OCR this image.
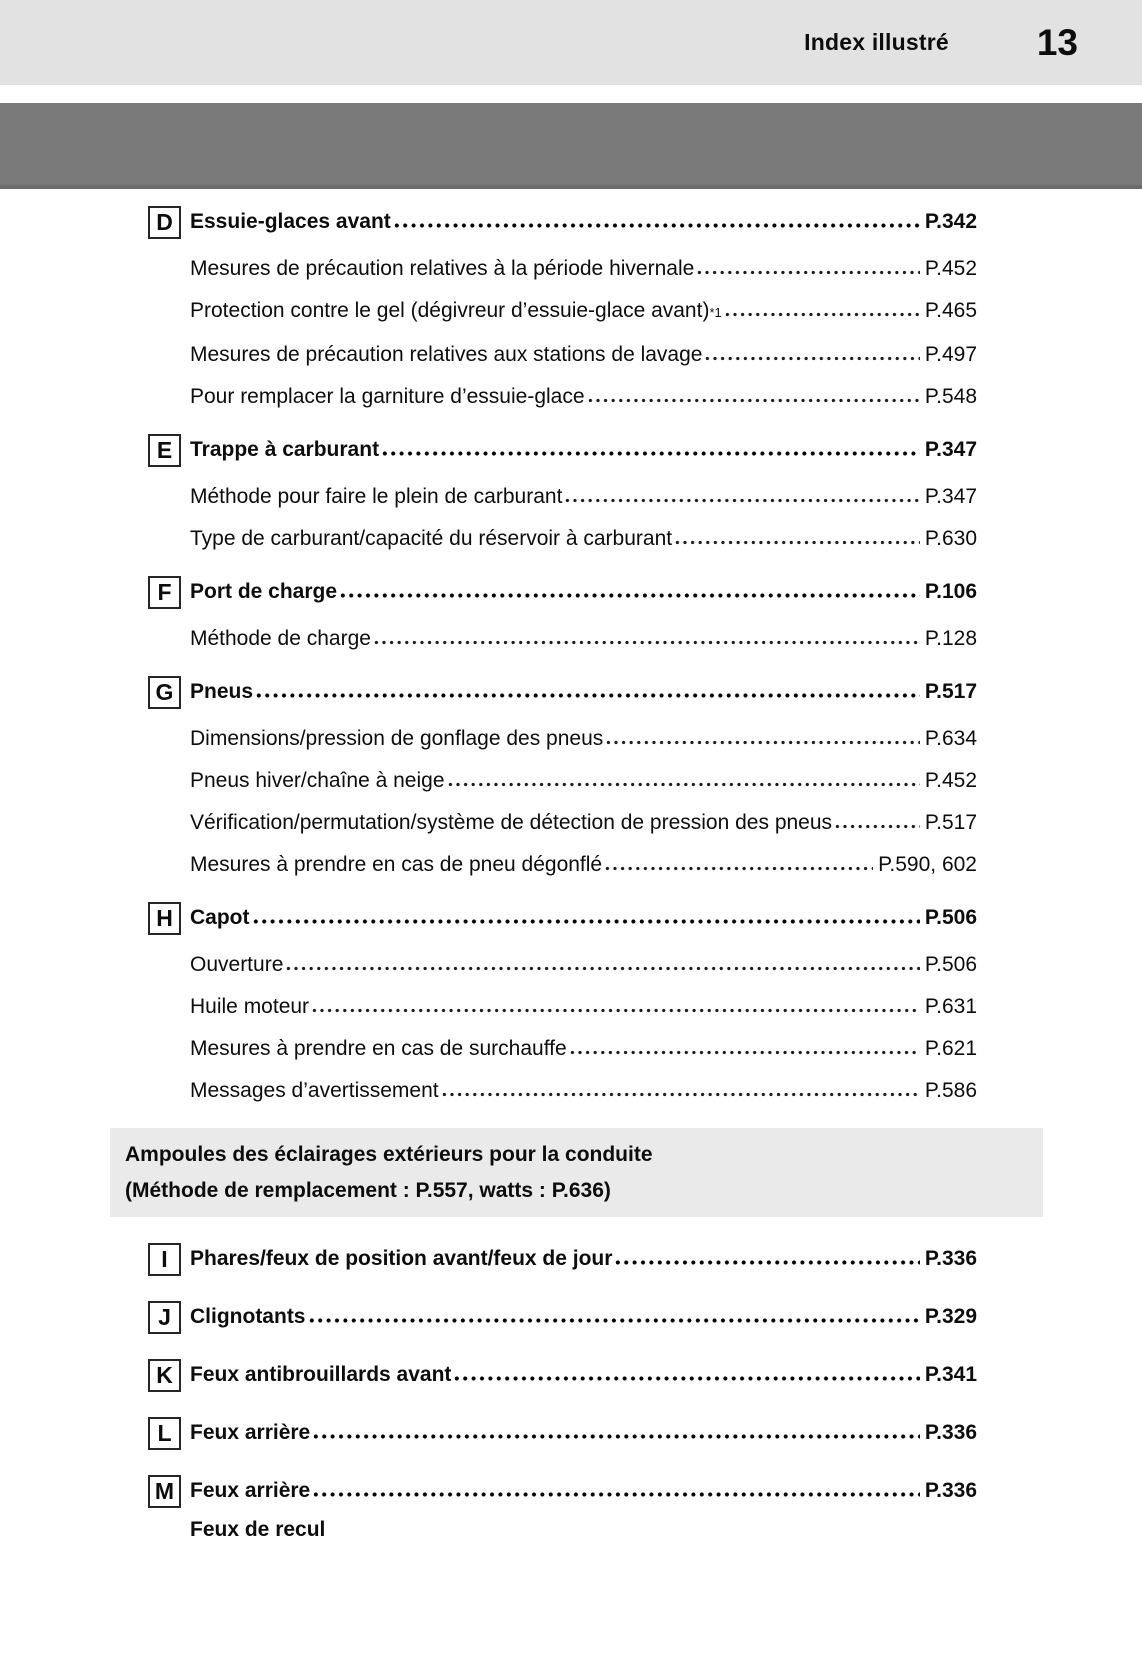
Index illustré 13
D Essuie-glaces avant	P.342
Mesures de précaution relatives à la période hivernale	P.452
Protection contre le gel (dégivreur d’essuie-glace avant) *1	P.465
Mesures de précaution relatives aux stations de lavage	P.497
Pour remplacer la garniture d’essuie-glace	P.548
E Trappe à carburant	P.347
Méthode pour faire le plein de carburant	P.347
Type de carburant/capacité du réservoir à carburant	P.630
F Port de charge	P.106
Méthode de charge	P.128
G Pneus	P.517
Dimensions/pression de gonflage des pneus	P.634
Pneus hiver/chaîne à neige	P.452
Vérification/permutation/système de détection de pression des pneus	P.517
Mesures à prendre en cas de pneu dégonflé	P.590, 602
H Capot	P.506
Ouverture	P.506
Huile moteur	P.631
Mesures à prendre en cas de surchauffe	P.621
Messages d’avertissement	P.586
Ampoules des éclairages extérieurs pour la conduite
(Méthode de remplacement : P.557, watts : P.636)
I	Phares/feux de position avant/feux de jour	P.336
J Clignotants	P.329
K Feux antibrouillards avant	P.341
L Feux arrière	P.336
M Feux arrière	P.336
Feux de recul
